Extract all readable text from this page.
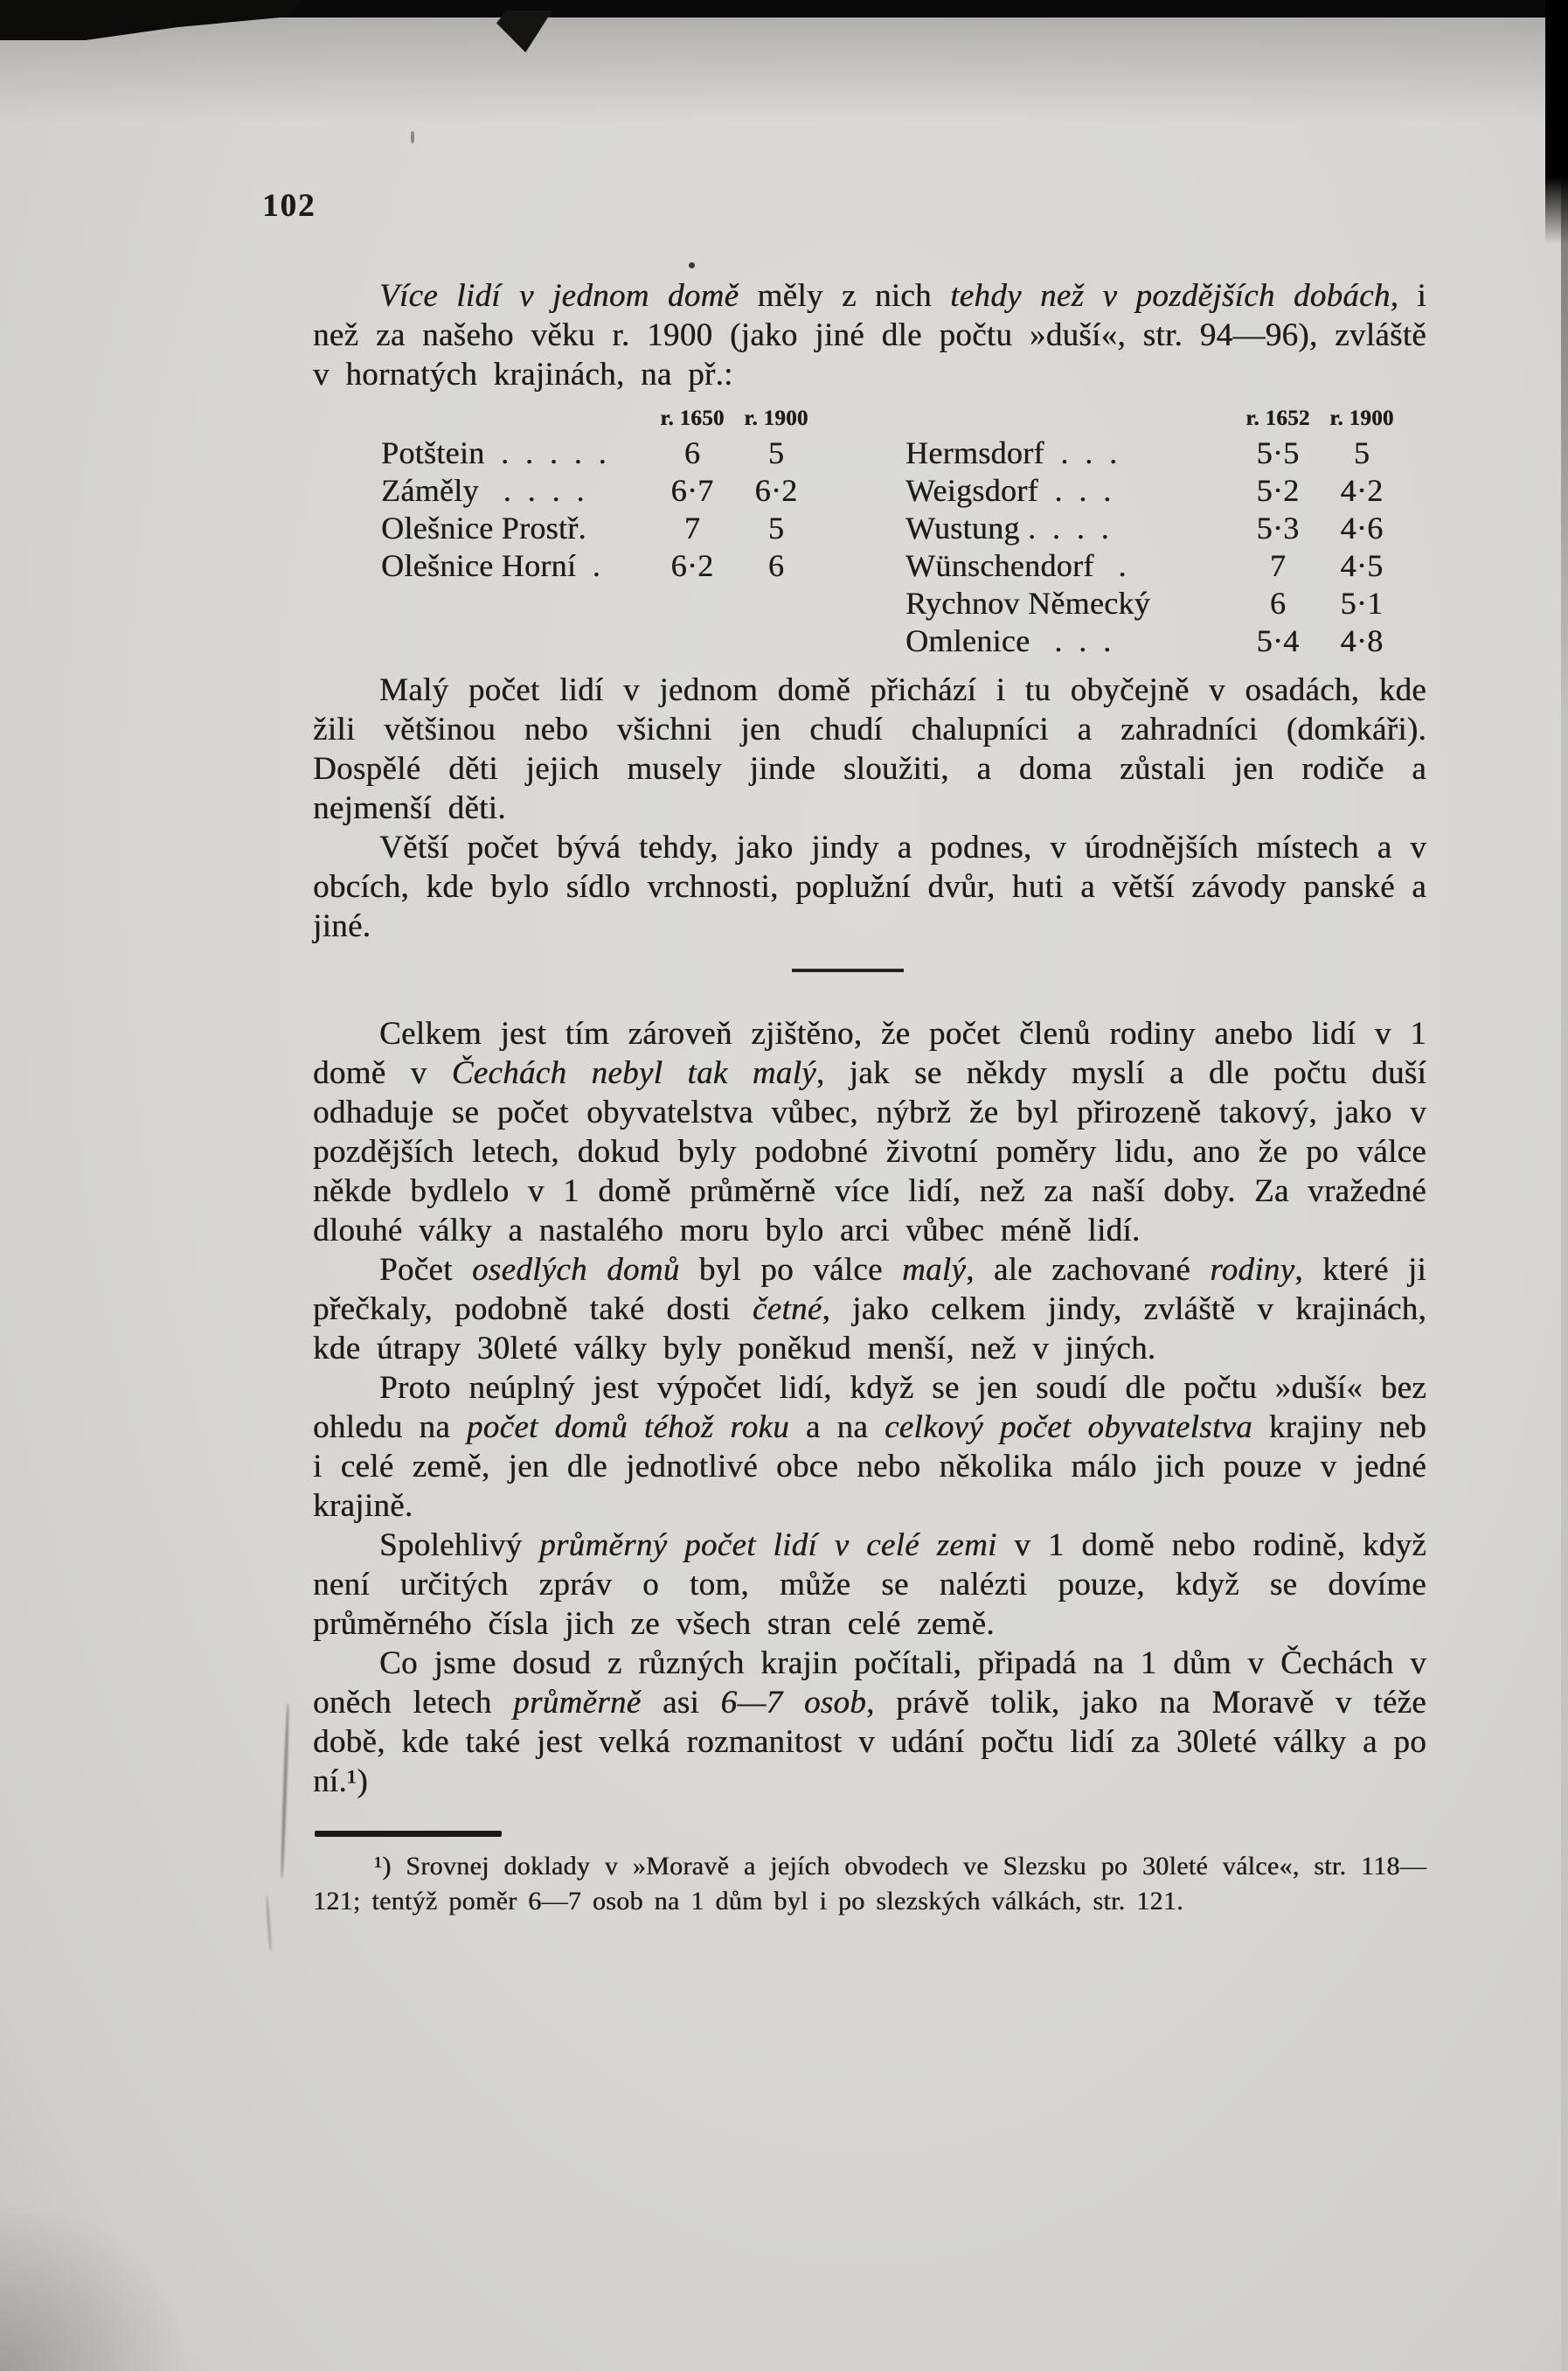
102

Více lidí v jednom domě měly z nich tehdy než v pozdějších dobách, i než za našeho věku r. 1900 (jako jiné dle počtu »duší«, str. 94—96), zvláště v hornatých krajinách, na př.:

r. 1650 r. 1900
Potštein  .  .  .  .  .	6	5
Záměly   .  .  .  .	6·7	6·2
Olešnice Prostř.	7	5
Olešnice Horní  .	6·2	6
r. 1652 r. 1900
Hermsdorf  .  .  .	5·5	5
Weigsdorf  .  .  .	5·2	4·2
Wustung .  .  .  .	5·3	4·6
Wünschendorf   .	7	4·5
Rychnov Německý	6	5·1
Omlenice   .  .  .	5·4	4·8

Malý počet lidí v jednom domě přichází i tu obyčejně v osadách, kde žili většinou nebo všichni jen chudí chalupníci a zahradníci (domkáři). Dospělé děti jejich musely jinde sloužiti, a doma zůstali jen rodiče a nejmenší děti.

Větší počet bývá tehdy, jako jindy a podnes, v úrodnějších místech a v obcích, kde bylo sídlo vrchnosti, poplužní dvůr, huti a větší závody panské a jiné.

Celkem jest tím zároveň zjištěno, že počet členů rodiny anebo lidí v 1 domě v Čechách nebyl tak malý, jak se někdy myslí a dle počtu duší odhaduje se počet obyvatelstva vůbec, nýbrž že byl přirozeně takový, jako v pozdějších letech, dokud byly podobné životní poměry lidu, ano že po válce někde bydlelo v 1 domě průměrně více lidí, než za naší doby. Za vražedné dlouhé války a nastalého moru bylo arci vůbec méně lidí.

Počet osedlých domů byl po válce malý, ale zachované rodiny, které ji přečkaly, podobně také dosti četné, jako celkem jindy, zvláště v krajinách, kde útrapy 30leté války byly poněkud menší, než v jiných.

Proto neúplný jest výpočet lidí, když se jen soudí dle počtu »duší« bez ohledu na počet domů téhož roku a na celkový počet obyvatelstva krajiny neb i celé země, jen dle jednotlivé obce nebo několika málo jich pouze v jedné krajině.

Spolehlivý průměrný počet lidí v celé zemi v 1 domě nebo rodině, když není určitých zpráv o tom, může se nalézti pouze, když se dovíme průměrného čísla jich ze všech stran celé země.

Co jsme dosud z různých krajin počítali, připadá na 1 dům v Čechách v oněch letech průměrně asi 6—7 osob, právě tolik, jako na Moravě v téže době, kde také jest velká rozmanitost v udání počtu lidí za 30leté války a po ní.¹)

¹) Srovnej doklady v »Moravě a jejích obvodech ve Slezsku po 30leté válce«, str. 118—121; tentýž poměr 6—7 osob na 1 dům byl i po slezských válkách, str. 121.
